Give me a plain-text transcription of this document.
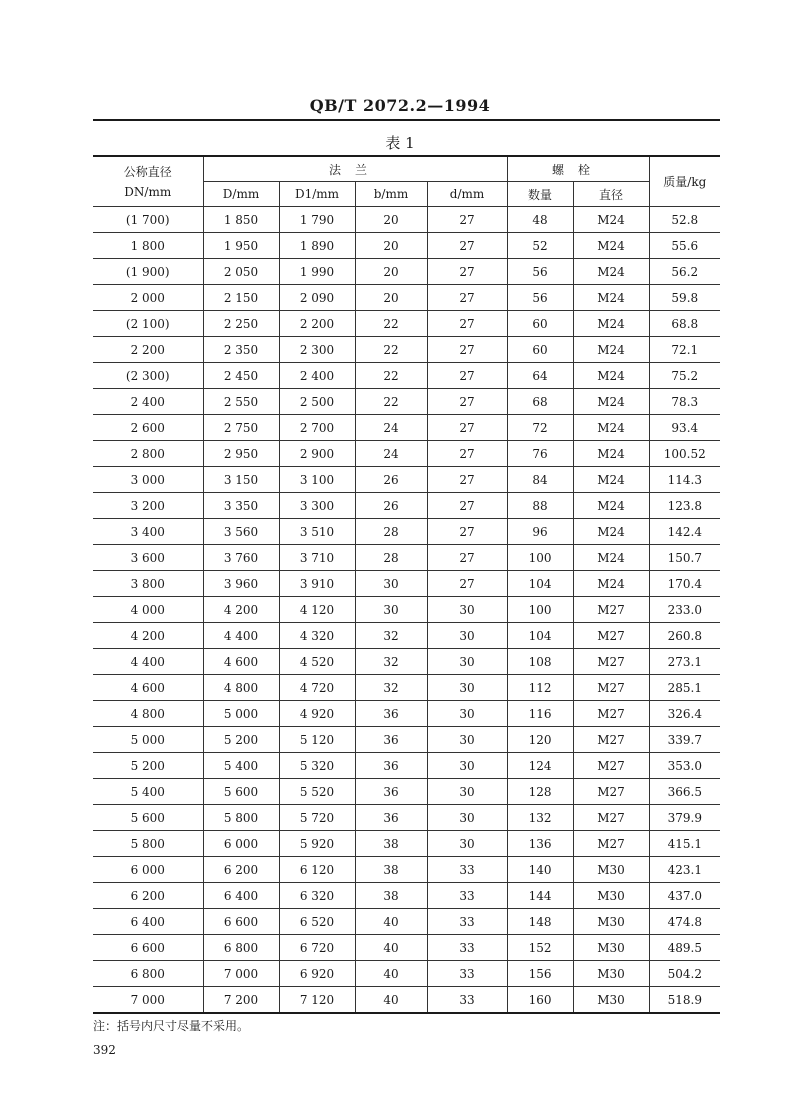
QB/T 2072.2—1994
表 1
公称直径
DN/mm	法兰				螺栓		质量/kg
	D/mm	D1/mm	b/mm	d/mm	数量	直径	
(1 700)	1 850	1 790	20	27	48	M24	52.8
1 800	1 950	1 890	20	27	52	M24	55.6
(1 900)	2 050	1 990	20	27	56	M24	56.2
2 000	2 150	2 090	20	27	56	M24	59.8
(2 100)	2 250	2 200	22	27	60	M24	68.8
2 200	2 350	2 300	22	27	60	M24	72.1
(2 300)	2 450	2 400	22	27	64	M24	75.2
2 400	2 550	2 500	22	27	68	M24	78.3
2 600	2 750	2 700	24	27	72	M24	93.4
2 800	2 950	2 900	24	27	76	M24	100.52
3 000	3 150	3 100	26	27	84	M24	114.3
3 200	3 350	3 300	26	27	88	M24	123.8
3 400	3 560	3 510	28	27	96	M24	142.4
3 600	3 760	3 710	28	27	100	M24	150.7
3 800	3 960	3 910	30	27	104	M24	170.4
4 000	4 200	4 120	30	30	100	M27	233.0
4 200	4 400	4 320	32	30	104	M27	260.8
4 400	4 600	4 520	32	30	108	M27	273.1
4 600	4 800	4 720	32	30	112	M27	285.1
4 800	5 000	4 920	36	30	116	M27	326.4
5 000	5 200	5 120	36	30	120	M27	339.7
5 200	5 400	5 320	36	30	124	M27	353.0
5 400	5 600	5 520	36	30	128	M27	366.5
5 600	5 800	5 720	36	30	132	M27	379.9
5 800	6 000	5 920	38	30	136	M27	415.1
6 000	6 200	6 120	38	33	140	M30	423.1
6 200	6 400	6 320	38	33	144	M30	437.0
6 400	6 600	6 520	40	33	148	M30	474.8
6 600	6 800	6 720	40	33	152	M30	489.5
6 800	7 000	6 920	40	33	156	M30	504.2
7 000	7 200	7 120	40	33	160	M30	518.9
注：括号内尺寸尽量不采用。
392
